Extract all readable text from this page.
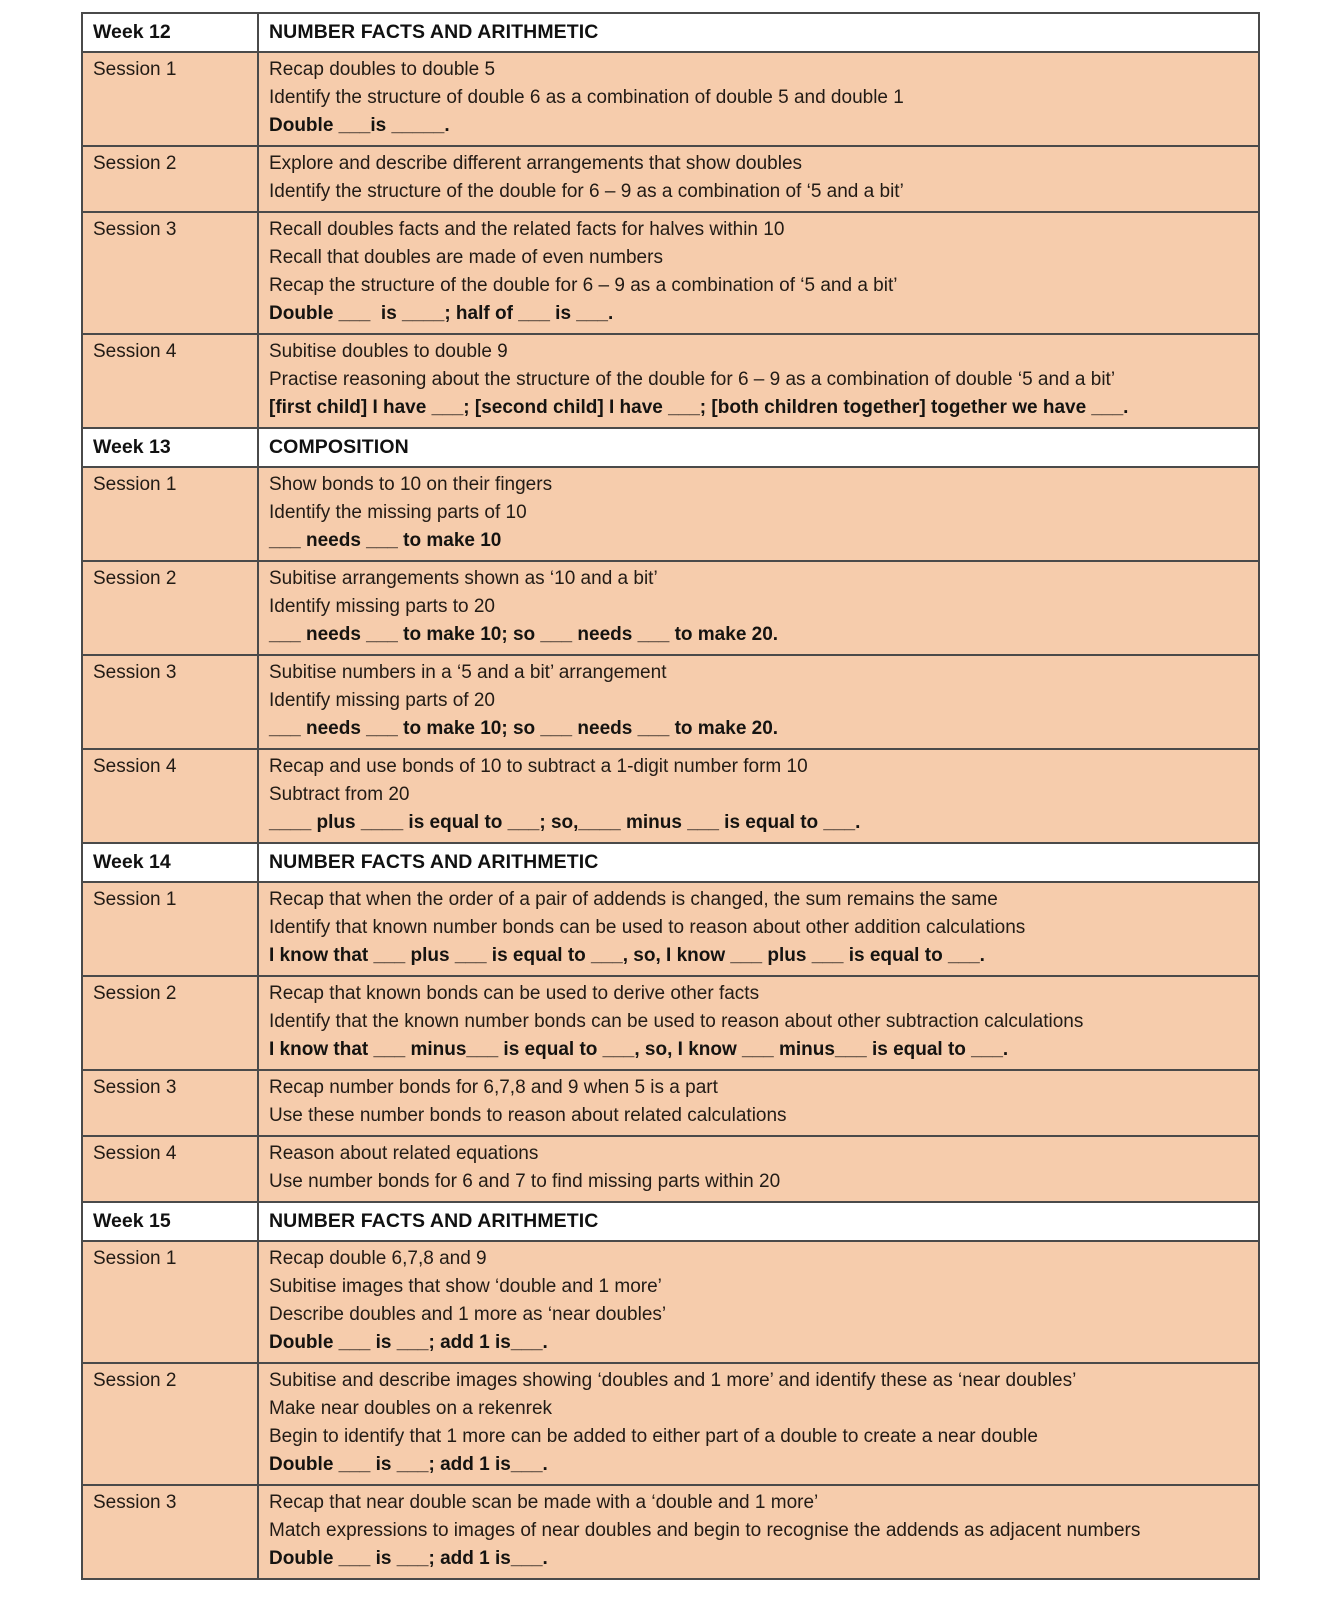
Week 12	NUMBER FACTS AND ARITHMETIC
Session 1	Recap doubles to double 5
Identify the structure of double 6 as a combination of double 5 and double 1
Double ___is _____.

Session 2	Explore and describe different arrangements that show doubles
Identify the structure of the double for 6 – 9 as a combination of ‘5 and a bit’

Session 3	Recall doubles facts and the related facts for halves within 10
Recall that doubles are made of even numbers
Recap the structure of the double for 6 – 9 as a combination of ‘5 and a bit’
Double ___  is ____; half of ___ is ___.

Session 4	Subitise doubles to double 9
Practise reasoning about the structure of the double for 6 – 9 as a combination of double ‘5 and a bit’
[first child] I have ___; [second child] I have ___; [both children together] together we have ___.

Week 13	COMPOSITION
Session 1	Show bonds to 10 on their fingers
Identify the missing parts of 10
___ needs ___ to make 10

Session 2	Subitise arrangements shown as ‘10 and a bit’
Identify missing parts to 20
___ needs ___ to make 10; so ___ needs ___ to make 20.

Session 3	Subitise numbers in a ‘5 and a bit’ arrangement
Identify missing parts of 20
___ needs ___ to make 10; so ___ needs ___ to make 20.

Session 4	Recap and use bonds of 10 to subtract a 1-digit number form 10
Subtract from 20
____ plus ____ is equal to ___; so,____ minus ___ is equal to ___.

Week 14	NUMBER FACTS AND ARITHMETIC
Session 1	Recap that when the order of a pair of addends is changed, the sum remains the same
Identify that known number bonds can be used to reason about other addition calculations
I know that ___ plus ___ is equal to ___, so, I know ___ plus ___ is equal to ___.

Session 2	Recap that known bonds can be used to derive other facts
Identify that the known number bonds can be used to reason about other subtraction calculations
I know that ___ minus___ is equal to ___, so, I know ___ minus___ is equal to ___.

Session 3	Recap number bonds for 6,7,8 and 9 when 5 is a part
Use these number bonds to reason about related calculations

Session 4	Reason about related equations
Use number bonds for 6 and 7 to find missing parts within 20

Week 15	NUMBER FACTS AND ARITHMETIC
Session 1	Recap double 6,7,8 and 9
Subitise images that show ‘double and 1 more’
Describe doubles and 1 more as ‘near doubles’
Double ___ is ___; add 1 is___.

Session 2	Subitise and describe images showing ‘doubles and 1 more’ and identify these as ‘near doubles’
Make near doubles on a rekenrek
Begin to identify that 1 more can be added to either part of a double to create a near double
Double ___ is ___; add 1 is___.

Session 3	Recap that near double scan be made with a ‘double and 1 more’
Match expressions to images of near doubles and begin to recognise the addends as adjacent numbers
Double ___ is ___; add 1 is___.
